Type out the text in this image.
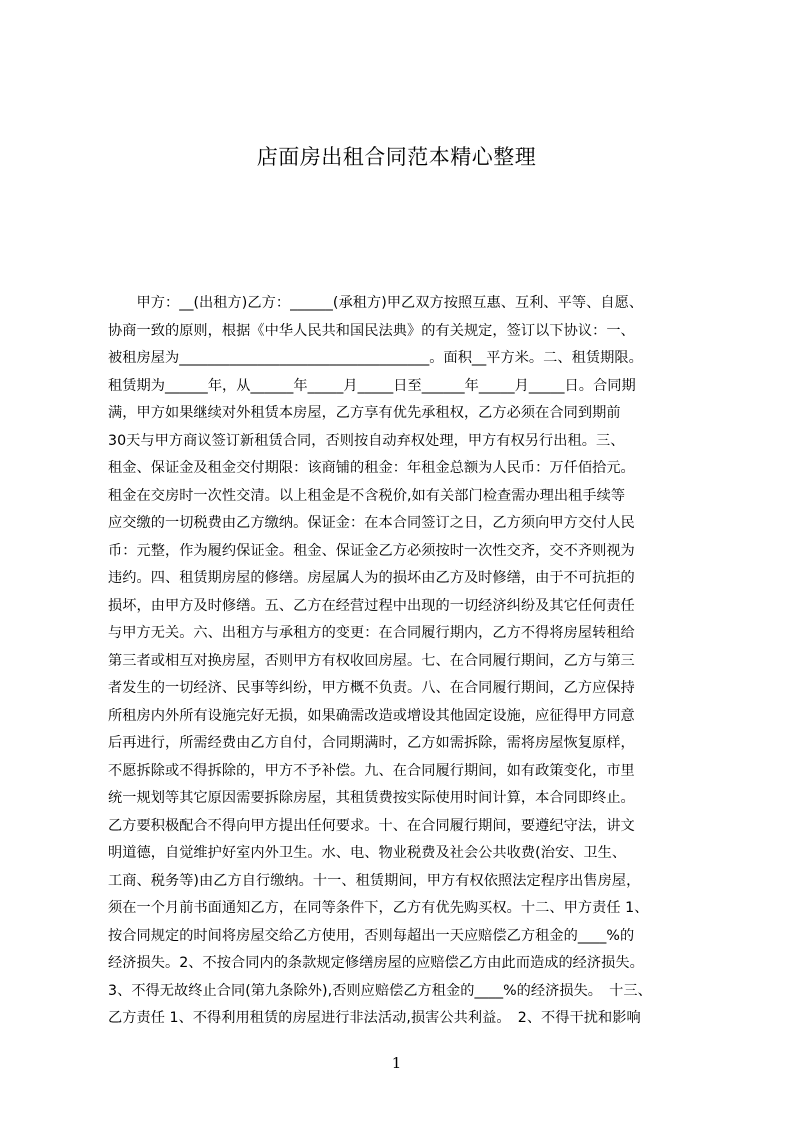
店面房出租合同范本精心整理
　　甲方：__(出租方)乙方：______(承租方)甲乙双方按照互惠、互利、平等、自愿、
协商一致的原则，根据《中华人民共和国民法典》的有关规定，签订以下协议：一、
被租房屋为___________________________________。面积__平方米。二、租赁期限。
租赁期为______年，从______年_____月_____日至______年_____月_____日。合同期
满，甲方如果继续对外租赁本房屋，乙方享有优先承租权，乙方必须在合同到期前
30天与甲方商议签订新租赁合同，否则按自动弃权处理，甲方有权另行出租。三、
租金、保证金及租金交付期限：该商铺的租金：年租金总额为人民币：万仟佰拾元。
租金在交房时一次性交清。以上租金是不含税价,如有关部门检查需办理出租手续等
应交缴的一切税费由乙方缴纳。保证金：在本合同签订之日，乙方须向甲方交付人民
币：元整，作为履约保证金。租金、保证金乙方必须按时一次性交齐，交不齐则视为
违约。四、租赁期房屋的修缮。房屋属人为的损坏由乙方及时修缮，由于不可抗拒的
损坏，由甲方及时修缮。五、乙方在经营过程中出现的一切经济纠纷及其它任何责任
与甲方无关。六、出租方与承租方的变更：在合同履行期内，乙方不得将房屋转租给
第三者或相互对换房屋，否则甲方有权收回房屋。七、在合同履行期间，乙方与第三
者发生的一切经济、民事等纠纷，甲方概不负责。八、在合同履行期间，乙方应保持
所租房内外所有设施完好无损，如果确需改造或增设其他固定设施，应征得甲方同意
后再进行，所需经费由乙方自付，合同期满时，乙方如需拆除，需将房屋恢复原样，
不愿拆除或不得拆除的，甲方不予补偿。九、在合同履行期间，如有政策变化，市里
统一规划等其它原因需要拆除房屋，其租赁费按实际使用时间计算，本合同即终止。
乙方要积极配合不得向甲方提出任何要求。十、在合同履行期间，要遵纪守法，讲文
明道德，自觉维护好室内外卫生。水、电、物业税费及社会公共收费(治安、卫生、
工商、税务等)由乙方自行缴纳。十一、租赁期间，甲方有权依照法定程序出售房屋，
须在一个月前书面通知乙方，在同等条件下，乙方有优先购买权。十二、甲方责任 1、
按合同规定的时间将房屋交给乙方使用，否则每超出一天应赔偿乙方租金的____%的
经济损失。2、不按合同内的条款规定修缮房屋的应赔偿乙方由此而造成的经济损失。
3、不得无故终止合同(第九条除外),否则应赔偿乙方租金的____%的经济损失。　十三、
乙方责任 1、不得利用租赁的房屋进行非法活动,损害公共利益。　2、不得干扰和影响
1
